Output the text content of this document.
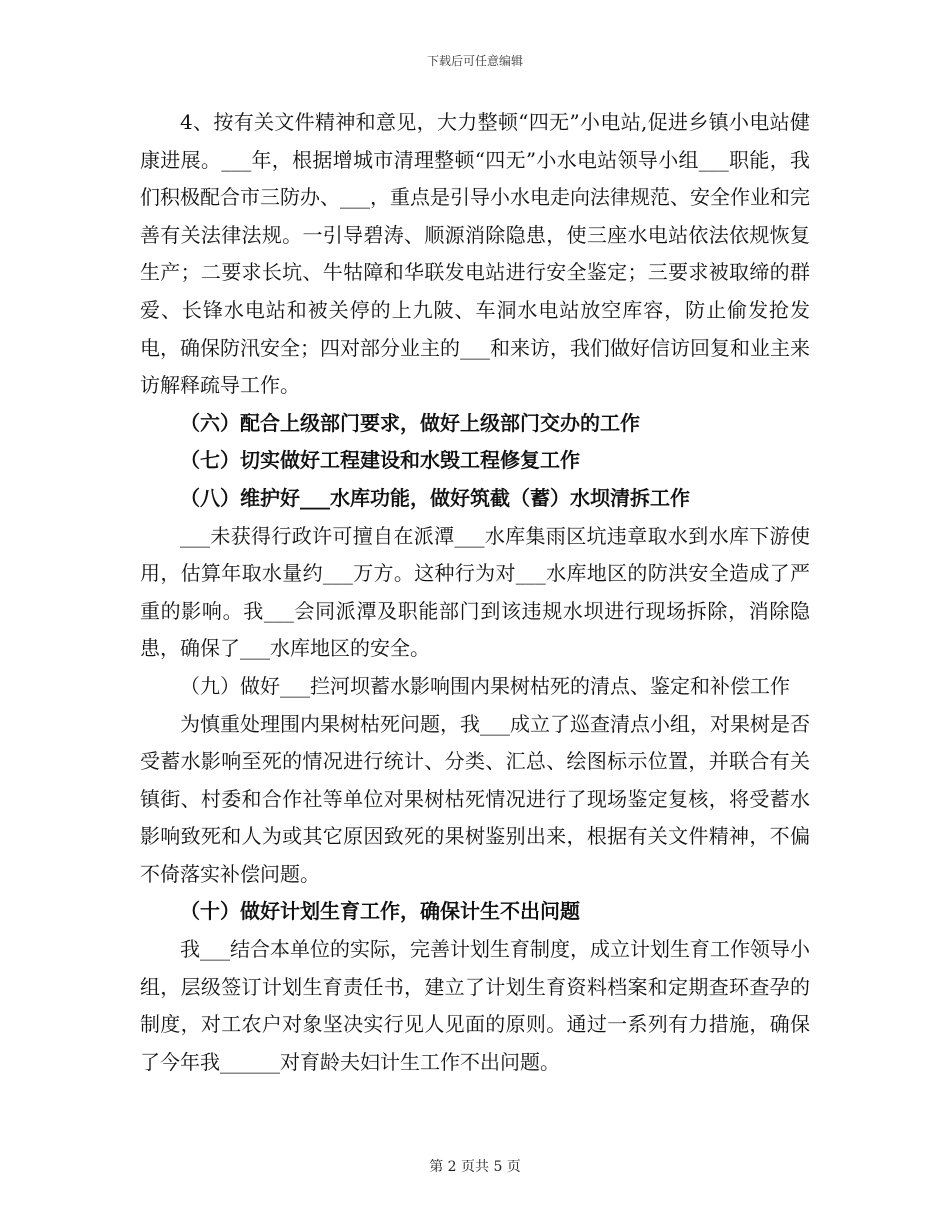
下载后可任意编辑

4、按有关文件精神和意见，大力整顿“四无”小电站,促进乡镇小电站健康进展。___年，根据增城市清理整顿“四无”小水电站领导小组___职能，我们积极配合市三防办、___，重点是引导小水电走向法律规范、安全作业和完善有关法律法规。一引导碧涛、顺源消除隐患，使三座水电站依法依规恢复生产；二要求长坑、牛牯障和华联发电站进行安全鉴定；三要求被取缔的群爱、长锋水电站和被关停的上九陂、车洞水电站放空库容，防止偷发抢发电，确保防汛安全；四对部分业主的___和来访，我们做好信访回复和业主来访解释疏导工作。

（六）配合上级部门要求，做好上级部门交办的工作

（七）切实做好工程建设和水毁工程修复工作

（八）维护好___水库功能，做好筑截（蓄）水坝清拆工作

___未获得行政许可擅自在派潭___水库集雨区坑违章取水到水库下游使用，估算年取水量约___万方。这种行为对___水库地区的防洪安全造成了严重的影响。我___会同派潭及职能部门到该违规水坝进行现场拆除，消除隐患，确保了___水库地区的安全。

（九）做好___拦河坝蓄水影响围内果树枯死的清点、鉴定和补偿工作

为慎重处理围内果树枯死问题，我___成立了巡查清点小组，对果树是否受蓄水影响至死的情况进行统计、分类、汇总、绘图标示位置，并联合有关镇街、村委和合作社等单位对果树枯死情况进行了现场鉴定复核，将受蓄水影响致死和人为或其它原因致死的果树鉴别出来，根据有关文件精神，不偏不倚落实补偿问题。

（十）做好计划生育工作，确保计生不出问题

我___结合本单位的实际，完善计划生育制度，成立计划生育工作领导小组，层级签订计划生育责任书，建立了计划生育资料档案和定期查环查孕的制度，对工农户对象坚决实行见人见面的原则。通过一系列有力措施，确保了今年我______对育龄夫妇计生工作不出问题。

第 2 页共 5 页
